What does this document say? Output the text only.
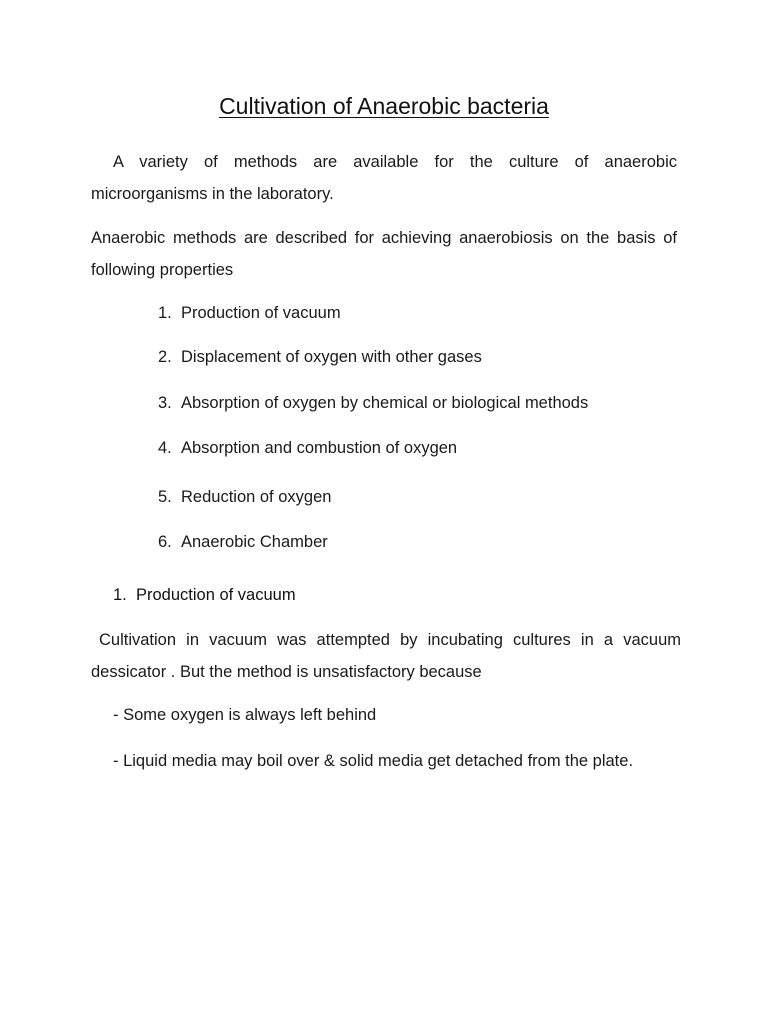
Cultivation of Anaerobic bacteria

A variety of methods are available for the culture of anaerobic microorganisms in the laboratory.

Anaerobic methods are described for achieving anaerobiosis on the basis of following properties

1. Production of vacuum
2. Displacement of oxygen with other gases
3. Absorption of oxygen by chemical or biological methods
4. Absorption and combustion of oxygen
5. Reduction of oxygen
6. Anaerobic Chamber
1. Production of vacuum

Cultivation in vacuum was attempted by incubating cultures in a vacuum dessicator . But the method is unsatisfactory because

- Some oxygen is always left behind
- Liquid media may boil over & solid media get detached from the plate.
